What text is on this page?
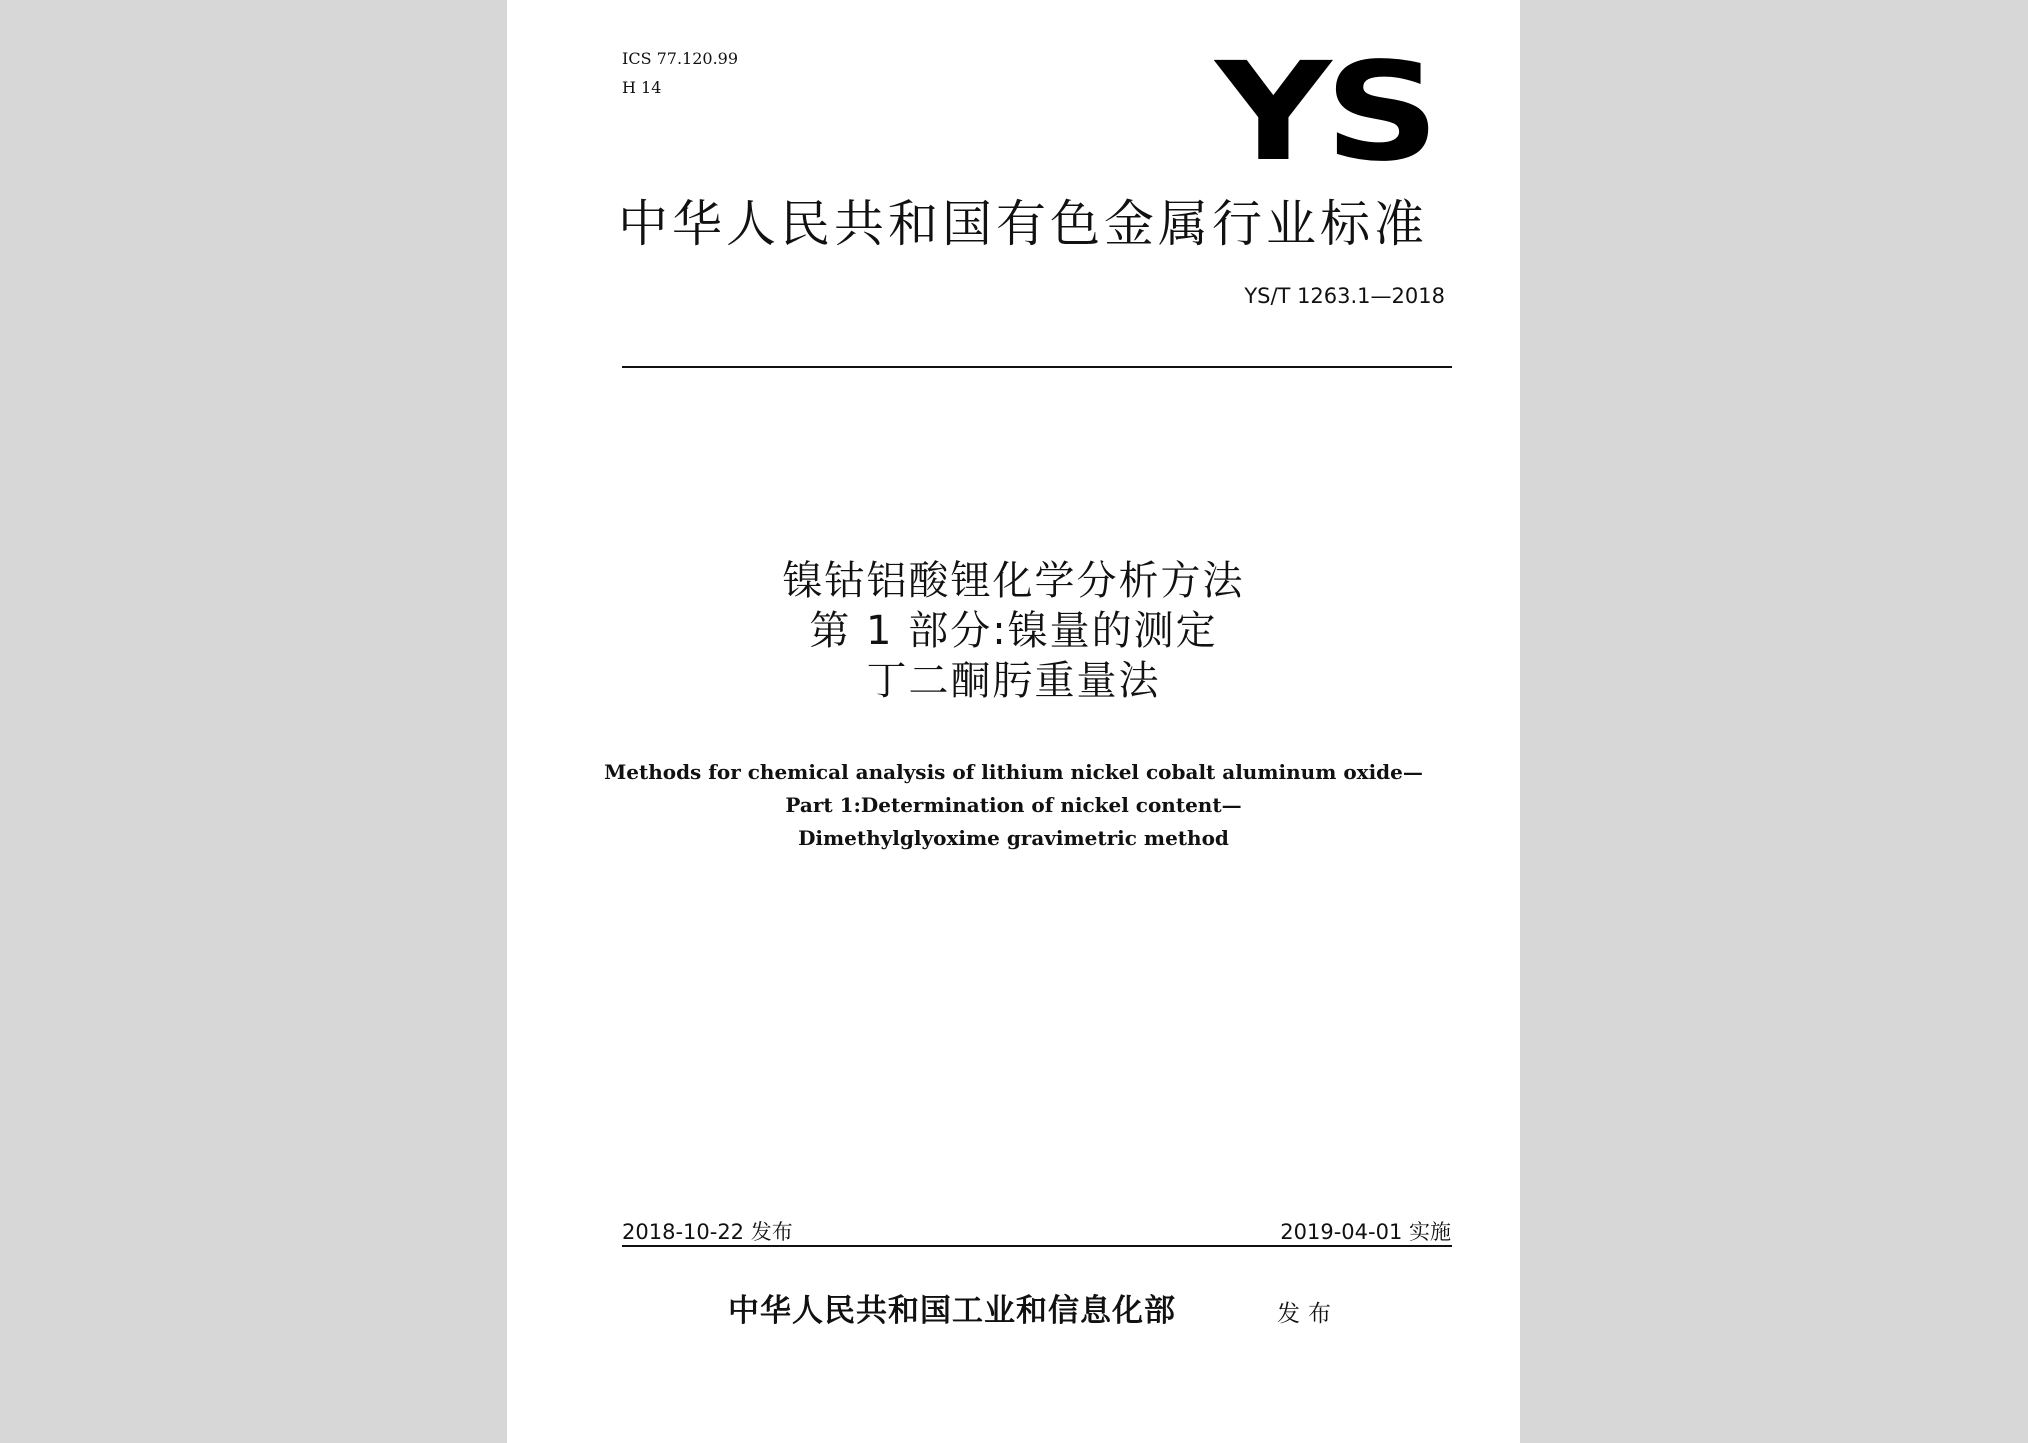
ICS 77.120.99
H 14	YS
中华人民共和国有色金属行业标准
YS/T 1263.1—2018
镍钴铝酸锂化学分析方法
第 1 部分:镍量的测定
丁二酮肟重量法
Methods for chemical analysis of lithium nickel cobalt aluminum oxide—
Part 1:Determination of nickel content—
Dimethylglyoxime gravimetric method
2018-10-22 发布	2019-04-01 实施
中华人民共和国工业和信息化部	发布
